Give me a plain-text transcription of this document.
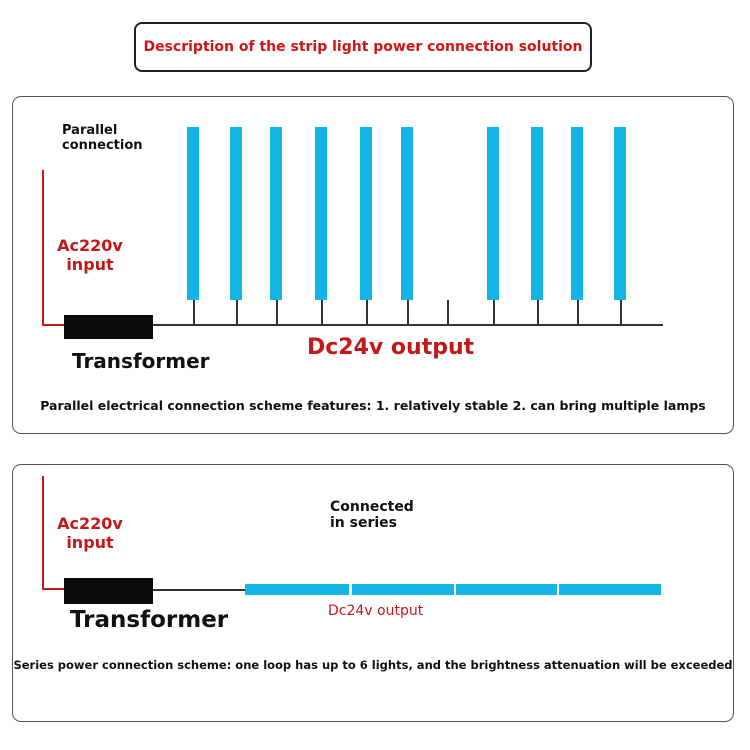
Description of the strip light power connection solution
Parallel
connection
Ac220v
input
Transformer
Dc24v output
Parallel electrical connection scheme features: 1. relatively stable 2. can bring multiple lamps
Connected
in series
Ac220v
input
Transformer	Dc24v output
Series power connection scheme: one loop has up to 6 lights, and the brightness attenuation will be exceeded
